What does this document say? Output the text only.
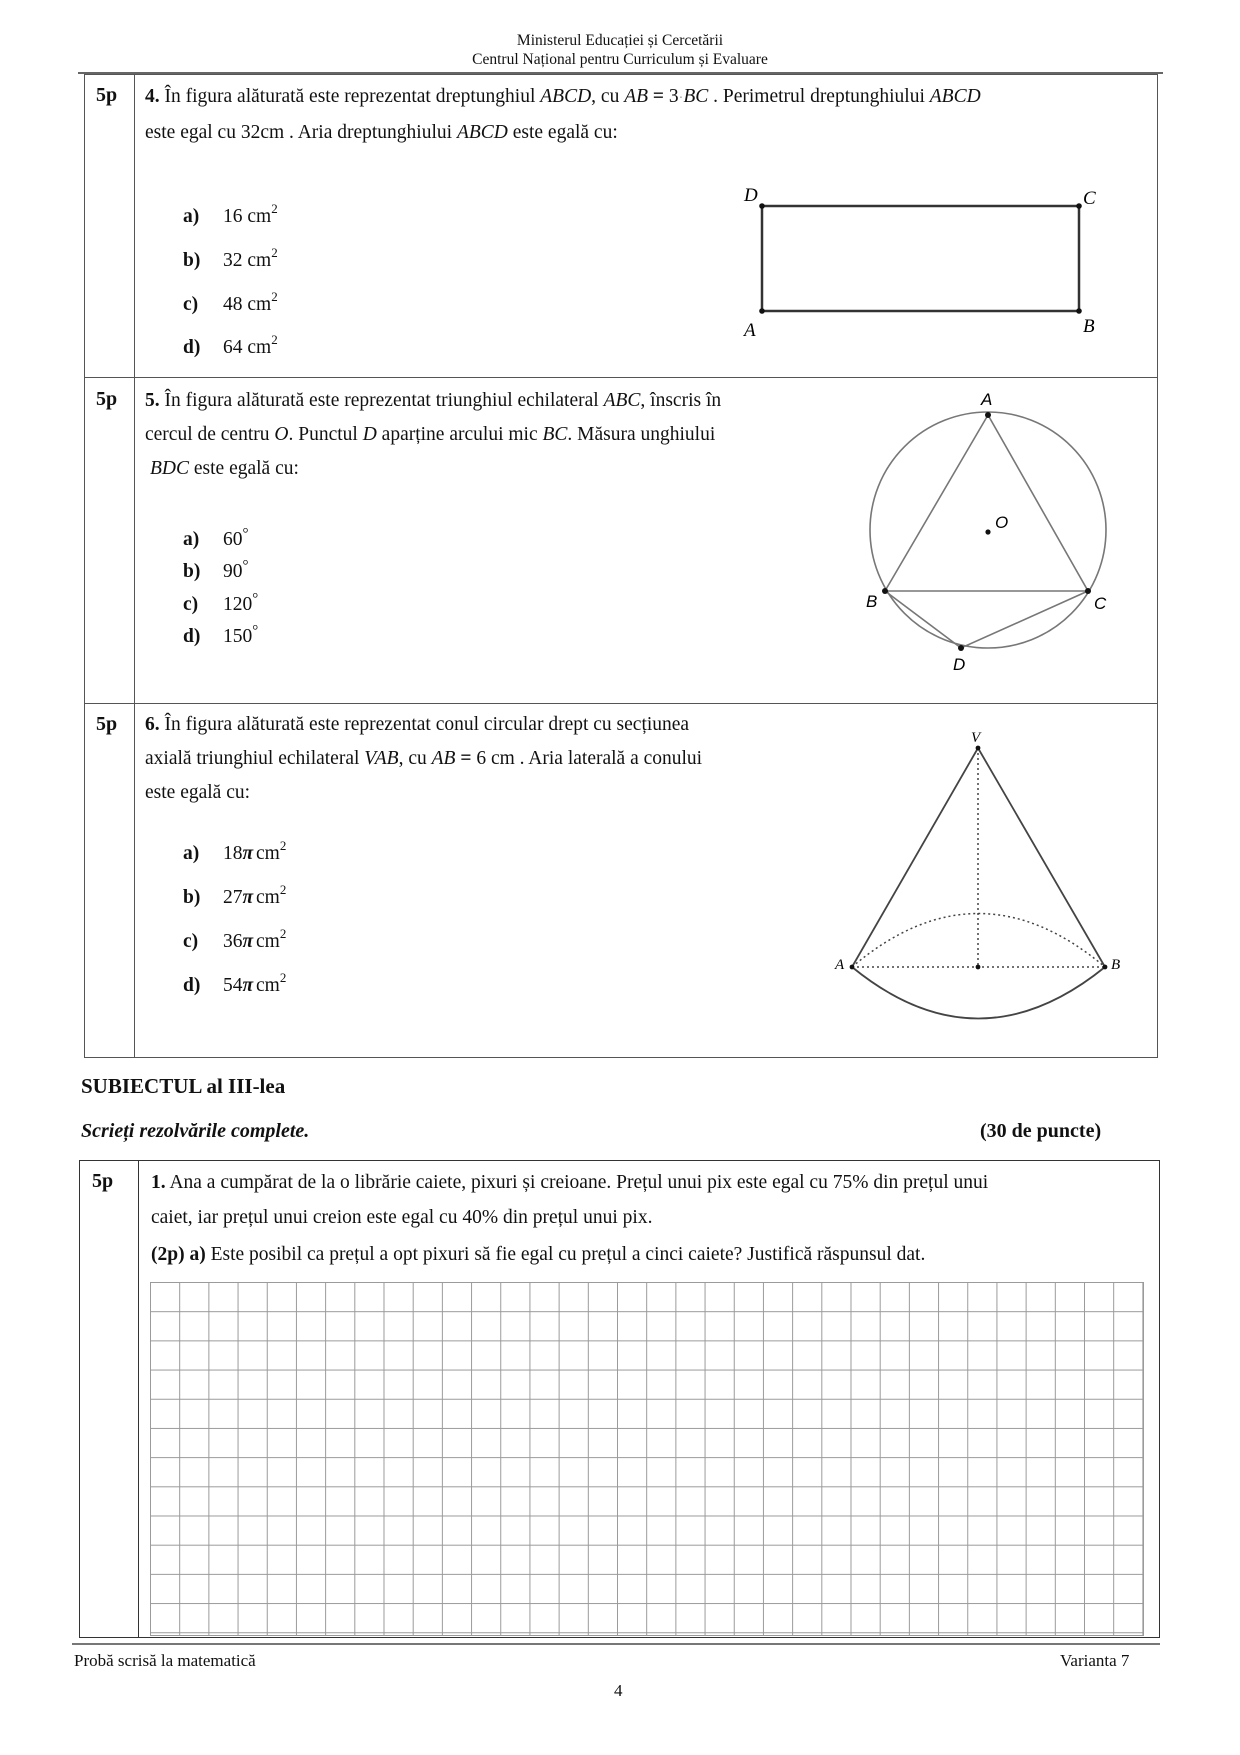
Ministerul Educației și Cercetării
Centrul Național pentru Curriculum și Evaluare
5p 4. În figura alăturată este reprezentat dreptunghiul ABCD, cu AB = 3·BC . Perimetrul dreptunghiului ABCD
este egal cu 32cm . Aria dreptunghiului ABCD este egală cu:
a) 16 $cm^2$
b) 32 $cm^2$
c) 48 $cm^2$
d) 64 $cm^2$
D	C
A	B
5p 5. În figura alăturată este reprezentat triunghiul echilateral ABC, înscris în
cercul de centru O. Punctul D aparține arcului mic BC. Măsura unghiului
BDC este egală cu:
a) 60°
b) 90°
c) 120°
d) 150°
A
B	C
D
O
5p 6. În figura alăturată este reprezentat conul circular drept cu secțiunea
axială triunghiul echilateral VAB, cu AB = 6 cm . Aria laterală a conului
este egală cu:
a) 18π $cm^2$
b) 27π $cm^2$
c) 36π $cm^2$
d) 54π $cm^2$
V
A	B
SUBIECTUL al III-lea
Scrieți rezolvările complete.	(30 de puncte)
5p 1. Ana a cumpărat de la o librărie caiete, pixuri și creioane. Prețul unui pix este egal cu 75% din prețul unui
caiet, iar prețul unui creion este egal cu 40% din prețul unui pix.
(2p) a) Este posibil ca prețul a opt pixuri să fie egal cu prețul a cinci caiete? Justifică răspunsul dat.
Probă scrisă la matematică	Varianta 7
4
